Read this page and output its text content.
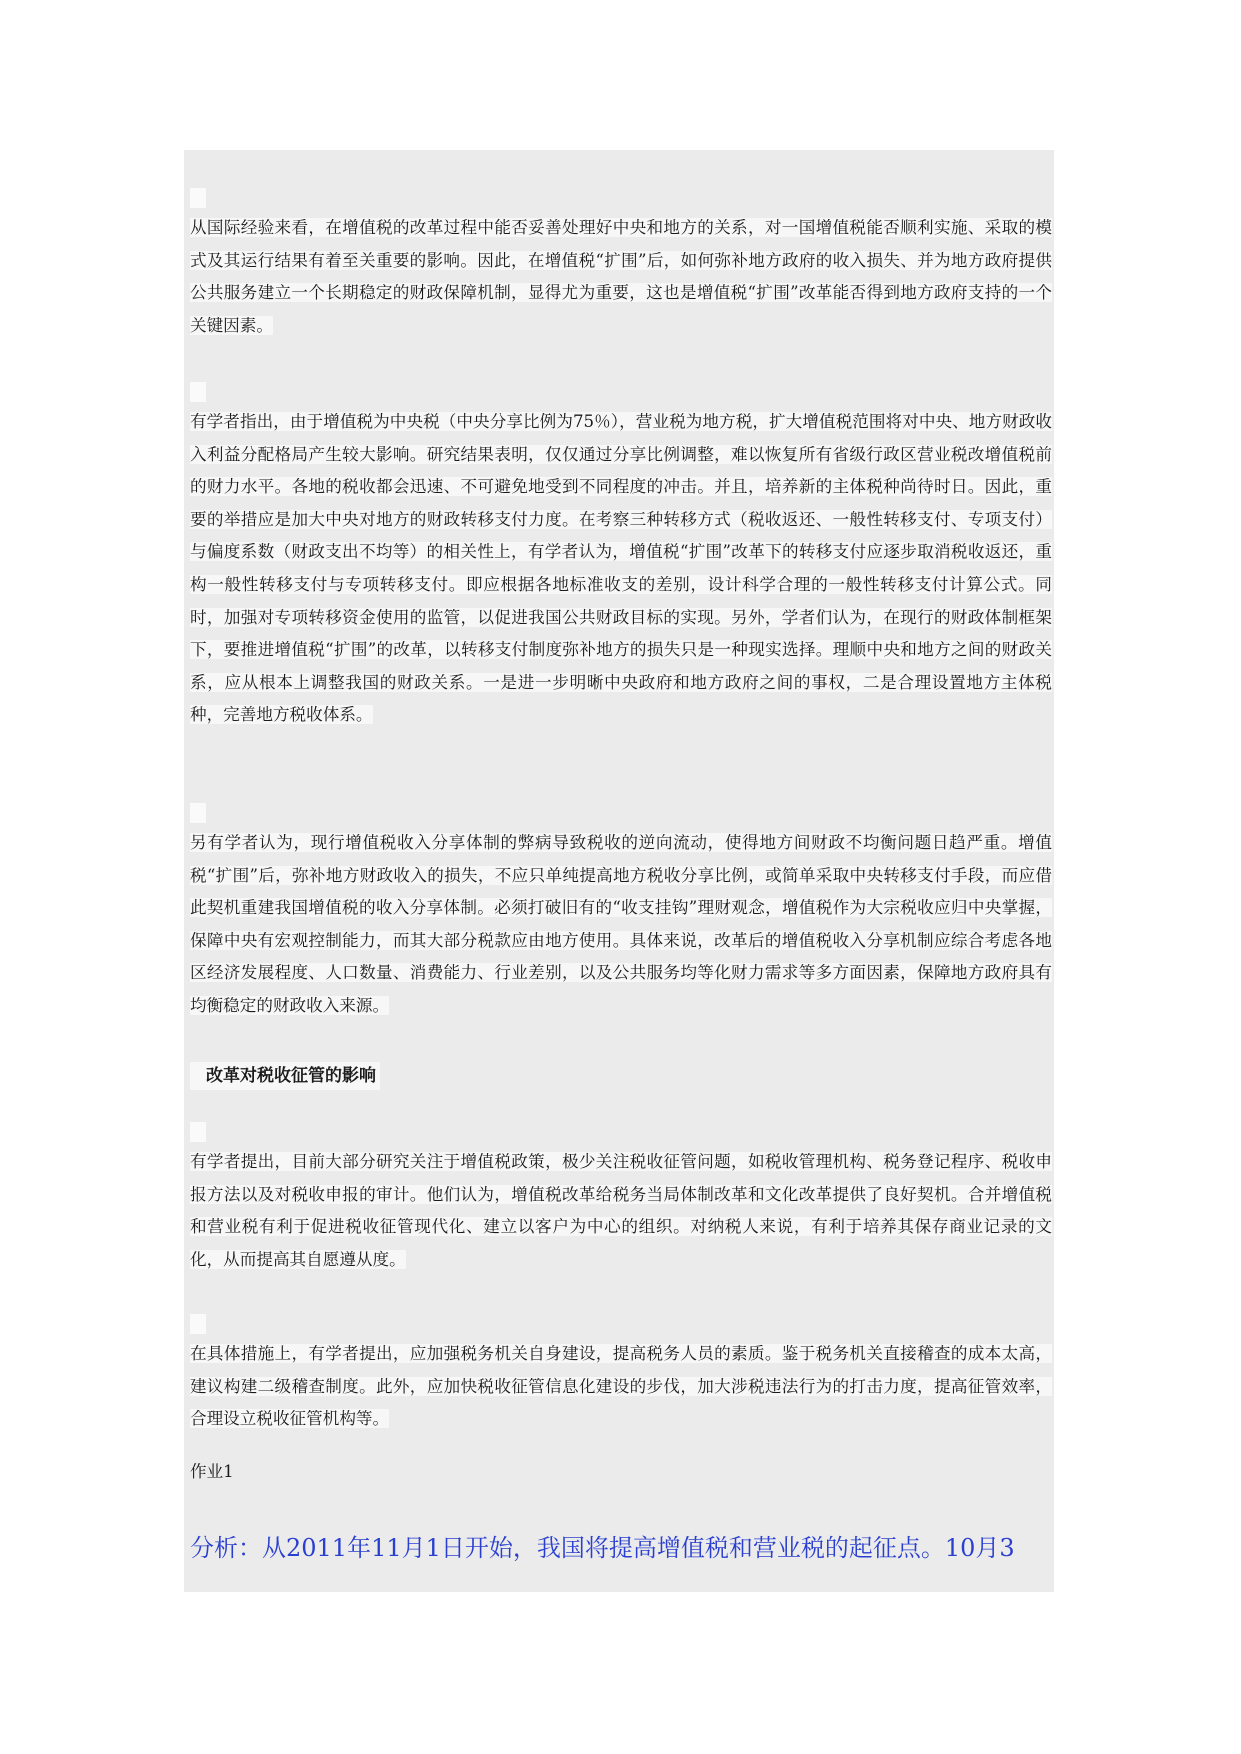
从国际经验来看，在增值税的改革过程中能否妥善处理好中央和地方的关系，对一国增值税能否顺利实施、采取的模式及其运行结果有着至关重要的影响。因此，在增值税“扩围”后，如何弥补地方政府的收入损失、并为地方政府提供公共服务建立一个长期稳定的财政保障机制，显得尤为重要，这也是增值税“扩围”改革能否得到地方政府支持的一个关键因素。

有学者指出，由于增值税为中央税（中央分享比例为75％），营业税为地方税，扩大增值税范围将对中央、地方财政收入利益分配格局产生较大影响。研究结果表明，仅仅通过分享比例调整，难以恢复所有省级行政区营业税改增值税前的财力水平。各地的税收都会迅速、不可避免地受到不同程度的冲击。并且，培养新的主体税种尚待时日。因此，重要的举措应是加大中央对地方的财政转移支付力度。在考察三种转移方式（税收返还、一般性转移支付、专项支付）与偏度系数（财政支出不均等）的相关性上，有学者认为，增值税“扩围”改革下的转移支付应逐步取消税收返还，重构一般性转移支付与专项转移支付。即应根据各地标准收支的差别，设计科学合理的一般性转移支付计算公式。同时，加强对专项转移资金使用的监管，以促进我国公共财政目标的实现。另外，学者们认为，在现行的财政体制框架下，要推进增值税“扩围”的改革，以转移支付制度弥补地方的损失只是一种现实选择。理顺中央和地方之间的财政关系，应从根本上调整我国的财政关系。一是进一步明晰中央政府和地方政府之间的事权，二是合理设置地方主体税种，完善地方税收体系。

另有学者认为，现行增值税收入分享体制的弊病导致税收的逆向流动，使得地方间财政不均衡问题日趋严重。增值税“扩围”后，弥补地方财政收入的损失，不应只单纯提高地方税收分享比例，或简单采取中央转移支付手段，而应借此契机重建我国增值税的收入分享体制。必须打破旧有的“收支挂钩”理财观念，增值税作为大宗税收应归中央掌握，保障中央有宏观控制能力，而其大部分税款应由地方使用。具体来说，改革后的增值税收入分享机制应综合考虑各地区经济发展程度、人口数量、消费能力、行业差别，以及公共服务均等化财力需求等多方面因素，保障地方政府具有均衡稳定的财政收入来源。

改革对税收征管的影响

有学者提出，目前大部分研究关注于增值税政策，极少关注税收征管问题，如税收管理机构、税务登记程序、税收申报方法以及对税收申报的审计。他们认为，增值税改革给税务当局体制改革和文化改革提供了良好契机。合并增值税和营业税有利于促进税收征管现代化、建立以客户为中心的组织。对纳税人来说，有利于培养其保存商业记录的文化，从而提高其自愿遵从度。

在具体措施上，有学者提出，应加强税务机关自身建设，提高税务人员的素质。鉴于税务机关直接稽查的成本太高，建议构建二级稽查制度。此外，应加快税收征管信息化建设的步伐，加大涉税违法行为的打击力度，提高征管效率，合理设立税收征管机构等。

作业1

分析：从2011年11月1日开始，我国将提高增值税和营业税的起征点。10月3
